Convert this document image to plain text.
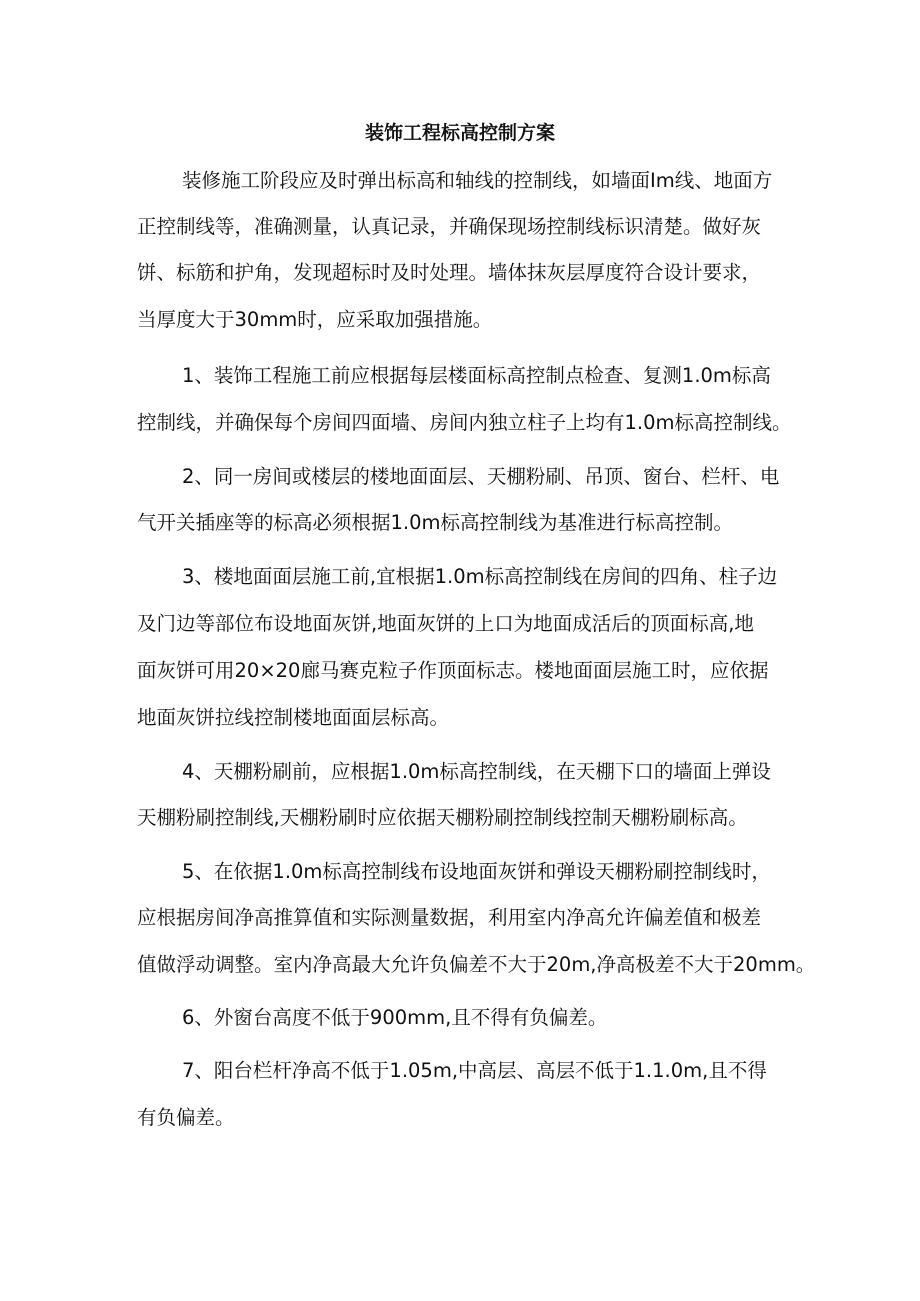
装饰工程标高控制方案
装修施工阶段应及时弹出标高和轴线的控制线，如墙面Im线、地面方
正控制线等，准确测量，认真记录，并确保现场控制线标识清楚。做好灰
饼、标筋和护角，发现超标时及时处理。墙体抹灰层厚度符合设计要求，
当厚度大于30mm时，应采取加强措施。
1、装饰工程施工前应根据每层楼面标高控制点检查、复测1.0m标高
控制线，并确保每个房间四面墙、房间内独立柱子上均有1.0m标高控制线。
2、同一房间或楼层的楼地面面层、天棚粉刷、吊顶、窗台、栏杆、电
气开关插座等的标高必须根据1.0m标高控制线为基准进行标高控制。
3、楼地面面层施工前,宜根据1.0m标高控制线在房间的四角、柱子边
及门边等部位布设地面灰饼,地面灰饼的上口为地面成活后的顶面标高,地
面灰饼可用20×20廊马赛克粒子作顶面标志。楼地面面层施工时，应依据
地面灰饼拉线控制楼地面面层标高。
4、天棚粉刷前，应根据1.0m标高控制线，在天棚下口的墙面上弹设
天棚粉刷控制线,天棚粉刷时应依据天棚粉刷控制线控制天棚粉刷标高。
5、在依据1.0m标高控制线布设地面灰饼和弹设天棚粉刷控制线时，
应根据房间净高推算值和实际测量数据，利用室内净高允许偏差值和极差
值做浮动调整。室内净高最大允许负偏差不大于20m,净高极差不大于20mm。
6、外窗台高度不低于900mm,且不得有负偏差。
7、阳台栏杆净高不低于1.05m,中高层、高层不低于1.1.0m,且不得
有负偏差。
